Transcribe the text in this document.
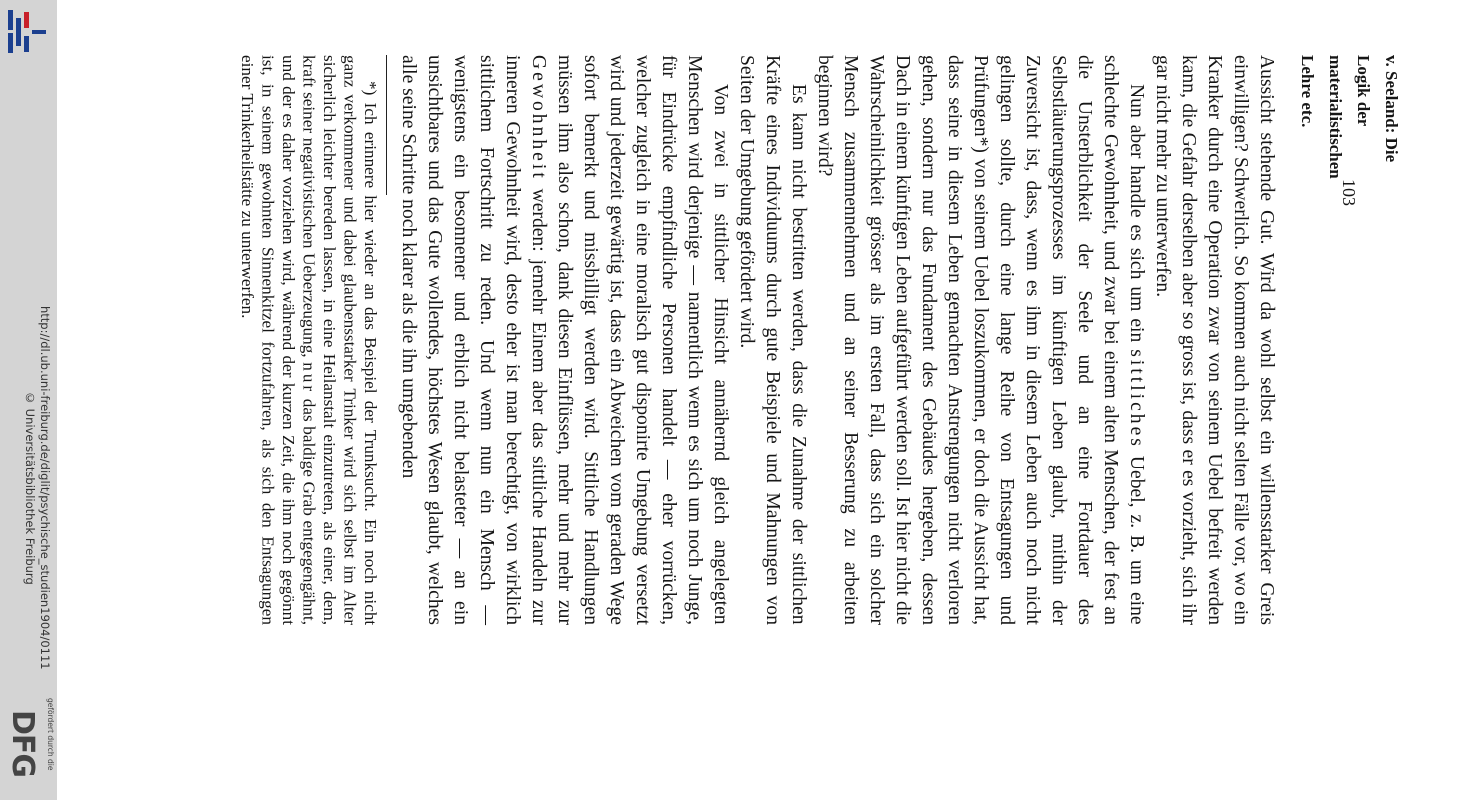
http://dl.ub.uni-freiburg.de/diglit/psychische_studien1904/0111
© Universitätsbibliothek Freiburg
DFG gefördert durch die
v. Seeland: Die Logik der materialistischen Lehre etc.
103
Aussicht stehende Gut. Wird da wohl selbst ein willensstarker Greis einwilligen? Schwerlich. So kommen auch nicht selten Fälle vor, wo ein Kranker durch eine Operation zwar von seinem Uebel befreit werden kann, die Gefahr derselben aber so gross ist, dass er es vorzieht, sich ihr gar nicht mehr zu unterwerfen.
Nun aber handle es sich um ein sittliches Uebel, z. B. um eine schlechte Gewohnheit, und zwar bei einem alten Menschen, der fest an die Unsterblichkeit der Seele und an eine Fortdauer des Selbstläuterungsprozesses im künftigen Leben glaubt, mithin der Zuversicht ist, dass, wenn es ihm in diesem Leben auch noch nicht gelingen sollte, durch eine lange Reihe von Entsagungen und Prüfungen*) von seinem Uebel loszukommen, er doch die Aussicht hat, dass seine in diesem Leben gemachten Anstrengungen nicht verloren gehen, sondern nur das Fundament des Gebäudes hergeben, dessen Dach in einem künftigen Leben aufgeführt werden soll. Ist hier nicht die Wahrscheinlichkeit grösser als im ersten Fall, dass sich ein solcher Mensch zusammennehmen und an seiner Besserung zu arbeiten beginnen wird?
Es kann nicht bestritten werden, dass die Zunahme der sittlichen Kräfte eines Individuums durch gute Beispiele und Mahnungen von Seiten der Umgebung gefördert wird.
Von zwei in sittlicher Hinsicht annähernd gleich angelegten Menschen wird derjenige — namentlich wenn es sich um noch Junge, für Eindrücke empfindliche Personen handelt — eher vorrücken, welcher zugleich in eine moralisch gut disponirte Umgebung versetzt wird und jederzeit gewärtig ist, dass ein Abweichen vom geraden Wege sofort bemerkt und missbilligt werden wird. Sittliche Handlungen müssen ihm also schon, dank diesen Einflüssen, mehr und mehr zur Gewohnheit werden: jemehr Einem aber das sittliche Handeln zur inneren Gewohnheit wird, desto eher ist man berechtigt, von wirklich sittlichem Fortschritt zu reden. Und wenn nun ein Mensch — wenigstens ein besonnener und erblich nicht belasteter — an ein unsichtbares und das Gute wollendes, höchstes Wesen glaubt, welches alle seine Schritte noch klarer als die ihn umgebenden
*) Ich erinnere hier wieder an das Beispiel der Trunksucht. Ein noch nicht ganz verkommener und dabei glaubensstarker Trinker wird sich selbst im Alter sicherlich leichter bereden lassen, in eine Heilanstalt einzutreten, als einer, dem, kraft seiner negativistischen Ueberzeugung, nur das baldige Grab entgegengähnt, und der es daher vorziehen wird, während der kurzen Zeit, die ihm noch gegönnt ist, in seinem gewohnten Sinnenkitzel fortzufahren, als sich den Entsagungen einer Trinkerheilstätte zu unterwerfen.
